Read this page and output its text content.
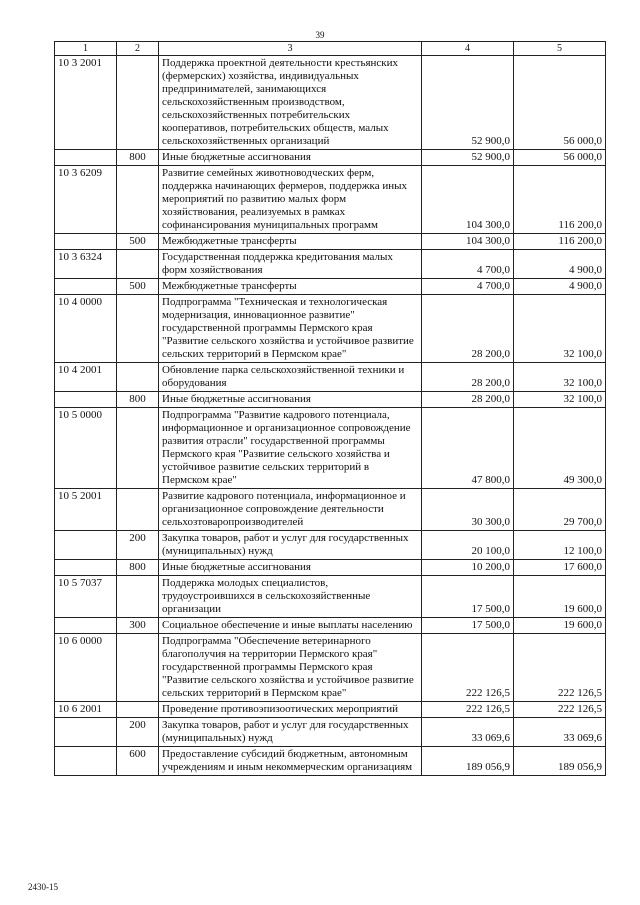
39
1	2	3	4	5
10 3 2001		Поддержка проектной деятельности крестьянских (фермерских) хозяйства, индивидуальных предпринимателей, занимающихся сельскохозяйственным производством, сельскохозяйственных потребительских кооперативов, потребительских обществ, малых сельскохозяйственных организаций	52 900,0	56 000,0
	800	Иные бюджетные ассигнования	52 900,0	56 000,0
10 3 6209		Развитие семейных животноводческих ферм, поддержка начинающих фермеров, поддержка иных мероприятий по развитию малых форм хозяйствования, реализуемых в рамках софинансирования муниципальных программ	104 300,0	116 200,0
	500	Межбюджетные трансферты	104 300,0	116 200,0
10 3 6324		Государственная поддержка кредитования малых форм хозяйствования	4 700,0	4 900,0
	500	Межбюджетные трансферты	4 700,0	4 900,0
10 4 0000		Подпрограмма "Техническая и технологическая модернизация, инновационное развитие" государственной программы Пермского края "Развитие сельского хозяйства и устойчивое развитие сельских территорий в Пермском крае"	28 200,0	32 100,0
10 4 2001		Обновление парка сельскохозяйственной техники и оборудования	28 200,0	32 100,0
	800	Иные бюджетные ассигнования	28 200,0	32 100,0
10 5 0000		Подпрограмма "Развитие кадрового потенциала, информационное и организационное сопровождение развития отрасли" государственной программы Пермского края "Развитие сельского хозяйства и устойчивое развитие сельских территорий в Пермском крае"	47 800,0	49 300,0
10 5 2001		Развитие кадрового потенциала, информационное и организационное сопровождение деятельности сельхозтоваропроизводителей	30 300,0	29 700,0
	200	Закупка товаров, работ и услуг для государственных (муниципальных) нужд	20 100,0	12 100,0
	800	Иные бюджетные ассигнования	10 200,0	17 600,0
10 5 7037		Поддержка молодых специалистов, трудоустроившихся в сельскохозяйственные организации	17 500,0	19 600,0
	300	Социальное обеспечение и иные выплаты населению	17 500,0	19 600,0
10 6 0000		Подпрограмма "Обеспечение ветеринарного благополучия на территории Пермского края" государственной программы Пермского края "Развитие сельского хозяйства и устойчивое развитие сельских территорий в Пермском крае"	222 126,5	222 126,5
10 6 2001		Проведение противоэпизоотических мероприятий	222 126,5	222 126,5
	200	Закупка товаров, работ и услуг для государственных (муниципальных) нужд	33 069,6	33 069,6
	600	Предоставление субсидий бюджетным, автономным учреждениям и иным некоммерческим организациям	189 056,9	189 056,9
2430-15
